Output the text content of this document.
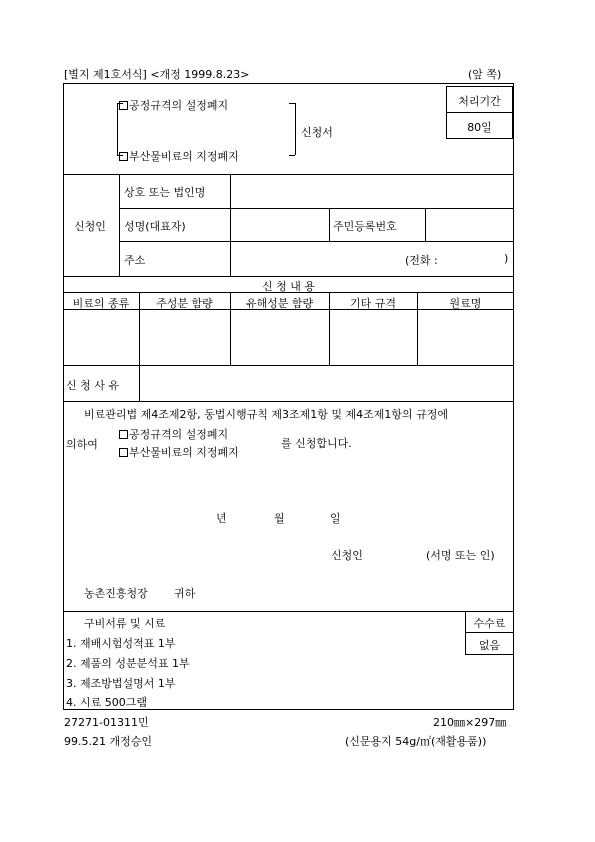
[별지 제1호서식] <개정 1999.8.23>	(앞 쪽)
공정규격의 설정폐지
부산물비료의 지정폐지
신청서
처리기간
80일
신청인
상호 또는 법인명
성명(대표자)	주민등록번호
주소	(전화 :	)
신 청 내 용
비료의 종류	주성분 함량	유해성분 함량	기타 규격	원료명
신 청 사 유
비료관리법 제4조제2항, 동법시행규칙 제3조제1항 및 제4조제1항의 규정에
의하여
공정규격의 설정폐지
부산물비료의 지정폐지
를 신청합니다.
년	월	일
신청인	(서명 또는 인)
농촌진흥청장 귀하
구비서류 및 시료
1. 재배시험성적표 1부
2. 제품의 성분분석표 1부
3. 제조방법설명서 1부
4. 시료 500그램
수수료
없음
27271-01311민	210㎜×297㎜
99.5.21 개정승인	(신문용지 54g/㎡(재활용품))
